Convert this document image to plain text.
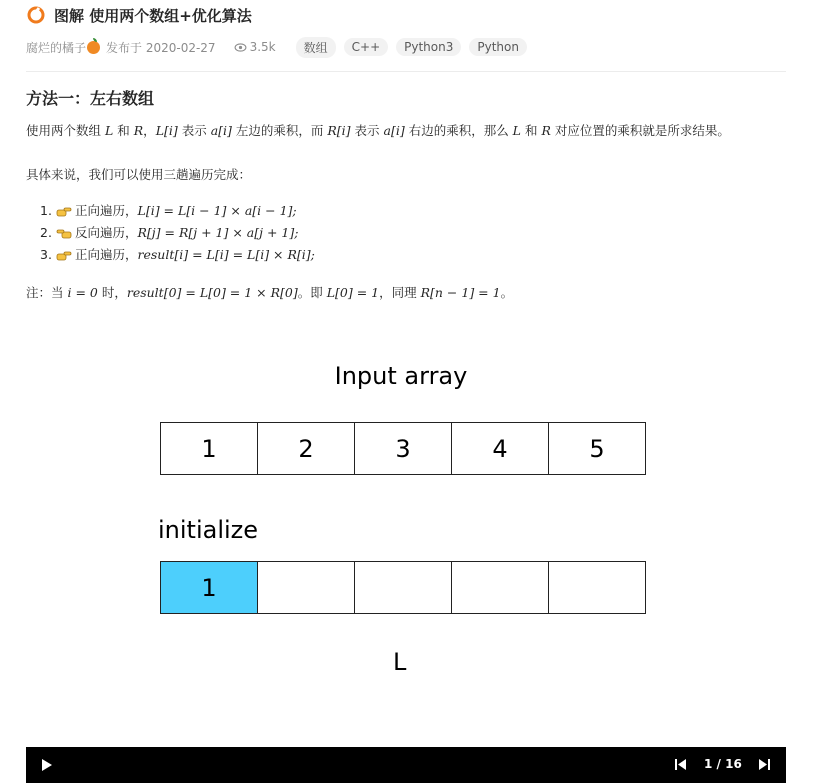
图解 使用两个数组+优化算法
腐烂的橘子 发布于 2020-02-27	3.5k	数组	C++	Python3	Python
方法一：左右数组
使用两个数组 L 和 R，L[i] 表示 a[i] 左边的乘积，而 R[i] 表示 a[i] 右边的乘积，那么 L 和 R 对应位置的乘积就是所求结果。
具体来说，我们可以使用三趟遍历完成：
1. 正向遍历， L[i] = L[i − 1] × a[i − 1];
2. 反向遍历， R[j] = R[j + 1] × a[j + 1];
3. 正向遍历， result[i] = L[i] = L[i] × R[i];
注：当 i = 0 时，result[0] = L[0] = 1 × R[0]。即 L[0] = 1，同理 R[n − 1] = 1。
Input array
1	2	3	4	5
initialize
1
L
1 / 16
